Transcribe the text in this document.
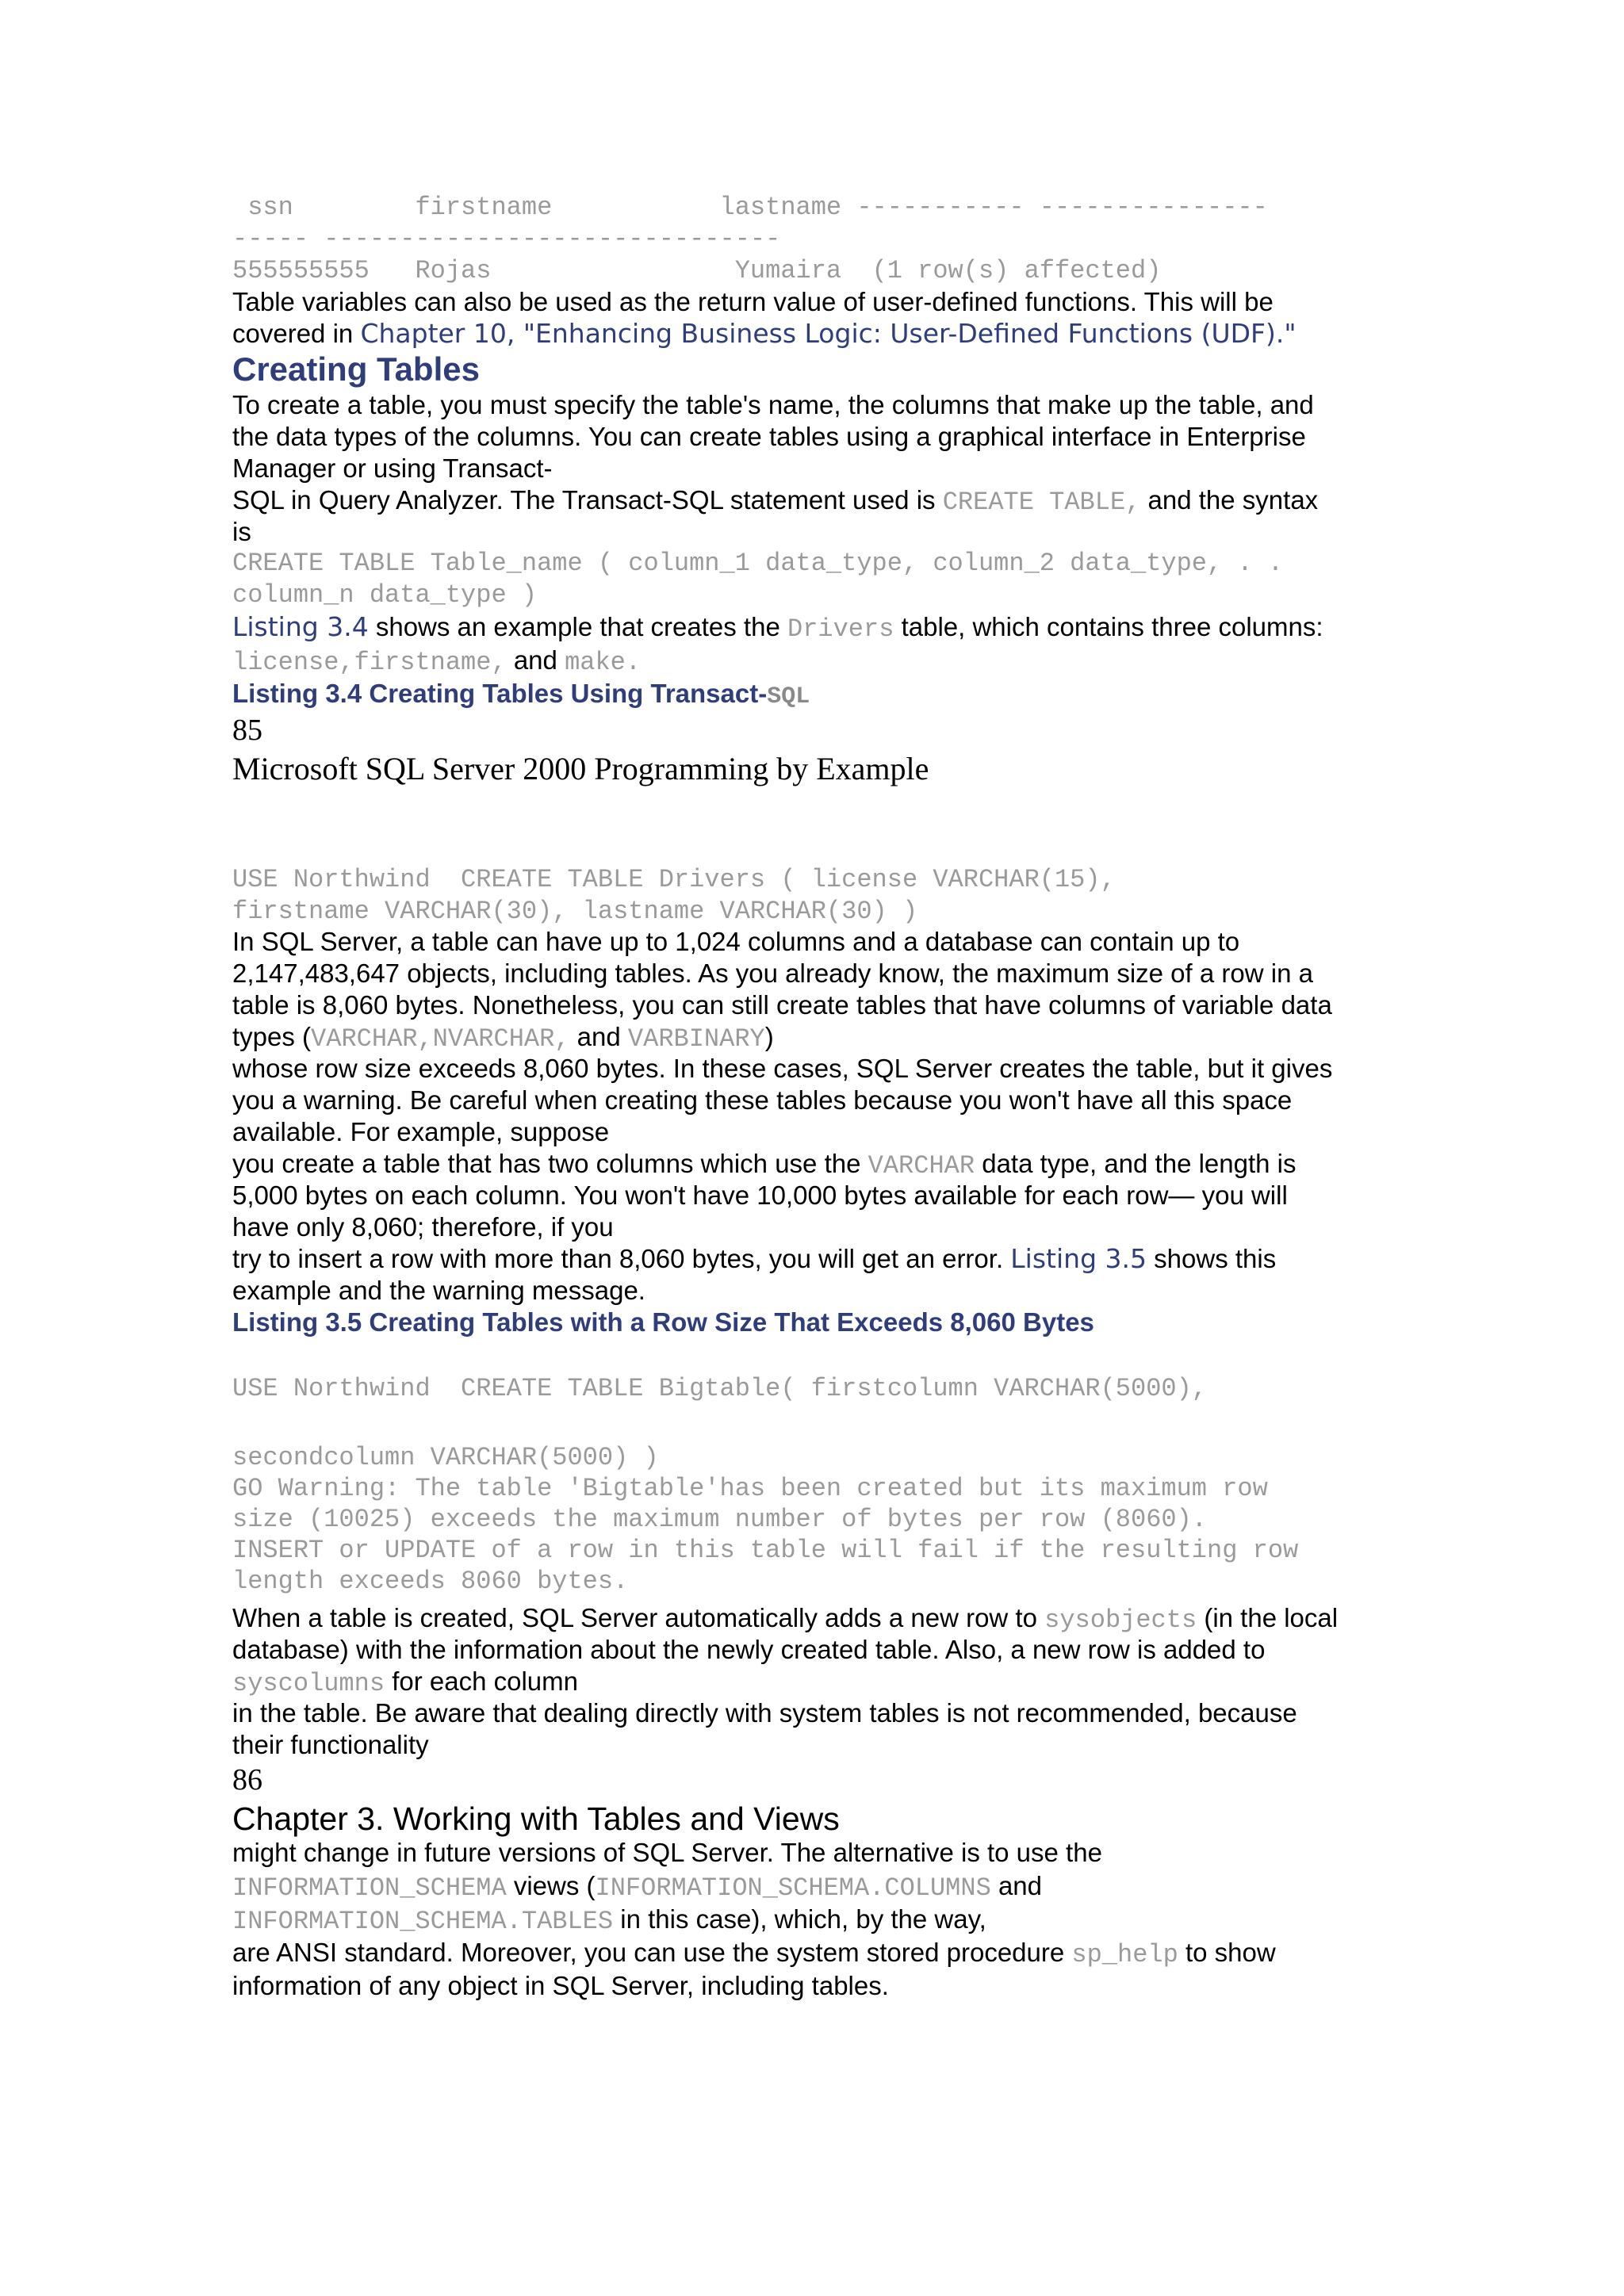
ssn        firstname           lastname ----------- ---------------
----- ------------------------------
555555555   Rojas                Yumaira  (1 row(s) affected)
Table variables can also be used as the return value of user-defined functions. This will be
covered in Chapter 10, "Enhancing Business Logic: User-Defined Functions (UDF)."
Creating Tables
To create a table, you must specify the table's name, the columns that make up the table, and
the data types of the columns. You can create tables using a graphical interface in Enterprise
Manager or using Transact-
SQL in Query Analyzer. The Transact-SQL statement used is CREATE TABLE, and the syntax
is
CREATE TABLE Table_name ( column_1 data_type, column_2 data_type, . .
column_n data_type )
Listing 3.4 shows an example that creates the Drivers table, which contains three columns:
license,firstname, and make.
Listing 3.4 Creating Tables Using Transact-SQL
85
Microsoft SQL Server 2000 Programming by Example
USE Northwind  CREATE TABLE Drivers ( license VARCHAR(15),
firstname VARCHAR(30), lastname VARCHAR(30) )
In SQL Server, a table can have up to 1,024 columns and a database can contain up to
2,147,483,647 objects, including tables. As you already know, the maximum size of a row in a
table is 8,060 bytes. Nonetheless, you can still create tables that have columns of variable data
types (VARCHAR,NVARCHAR, and VARBINARY)
whose row size exceeds 8,060 bytes. In these cases, SQL Server creates the table, but it gives
you a warning. Be careful when creating these tables because you won't have all this space
available. For example, suppose
you create a table that has two columns which use the VARCHAR data type, and the length is
5,000 bytes on each column. You won't have 10,000 bytes available for each row— you will
have only 8,060; therefore, if you
try to insert a row with more than 8,060 bytes, you will get an error. Listing 3.5 shows this
example and the warning message.
Listing 3.5 Creating Tables with a Row Size That Exceeds 8,060 Bytes
USE Northwind  CREATE TABLE Bigtable( firstcolumn VARCHAR(5000),
secondcolumn VARCHAR(5000) )
GO Warning: The table 'Bigtable'has been created but its maximum row
size (10025) exceeds the maximum number of bytes per row (8060).
INSERT or UPDATE of a row in this table will fail if the resulting row
length exceeds 8060 bytes.
When a table is created, SQL Server automatically adds a new row to sysobjects (in the local
database) with the information about the newly created table. Also, a new row is added to
syscolumns for each column
in the table. Be aware that dealing directly with system tables is not recommended, because
their functionality
86
Chapter 3. Working with Tables and Views
might change in future versions of SQL Server. The alternative is to use the
INFORMATION_SCHEMA views (INFORMATION_SCHEMA.COLUMNS and
INFORMATION_SCHEMA.TABLES in this case), which, by the way,
are ANSI standard. Moreover, you can use the system stored procedure sp_help to show
information of any object in SQL Server, including tables.
